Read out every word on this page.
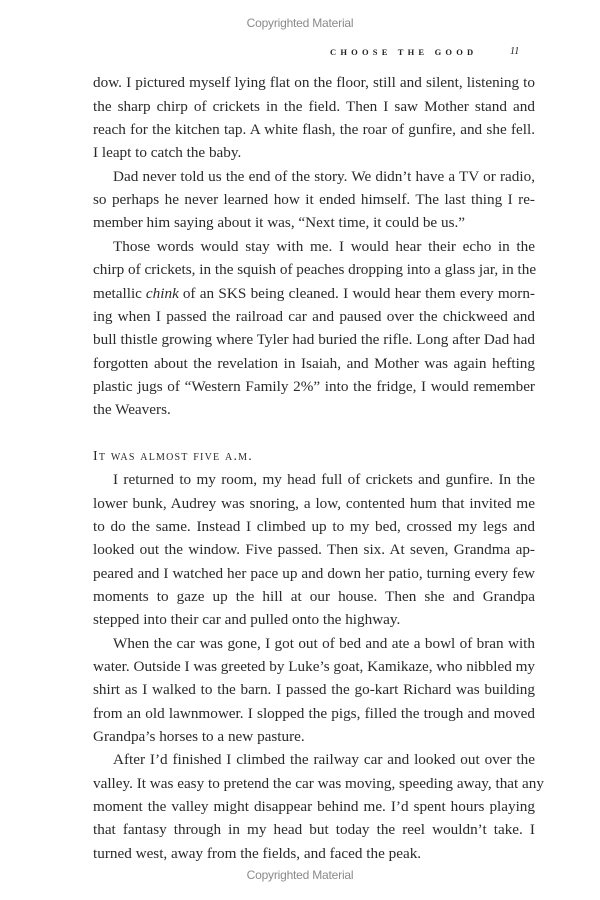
Copyrighted Material
CHOOSE THE GOOD	11
dow. I pictured myself lying flat on the floor, still and silent, listening to
the sharp chirp of crickets in the field. Then I saw Mother stand and
reach for the kitchen tap. A white flash, the roar of gunfire, and she fell.
I leapt to catch the baby.
Dad never told us the end of the story. We didn’t have a TV or radio,
so perhaps he never learned how it ended himself. The last thing I re-
member him saying about it was, “Next time, it could be us.”
Those words would stay with me. I would hear their echo in the
chirp of crickets, in the squish of peaches dropping into a glass jar, in the
metallic chink of an SKS being cleaned. I would hear them every morn-
ing when I passed the railroad car and paused over the chickweed and
bull thistle growing where Tyler had buried the rifle. Long after Dad had
forgotten about the revelation in Isaiah, and Mother was again hefting
plastic jugs of “Western Family 2%” into the fridge, I would remember
the Weavers.
It was almost five a.m.
I returned to my room, my head full of crickets and gunfire. In the
lower bunk, Audrey was snoring, a low, contented hum that invited me
to do the same. Instead I climbed up to my bed, crossed my legs and
looked out the window. Five passed. Then six. At seven, Grandma ap-
peared and I watched her pace up and down her patio, turning every few
moments to gaze up the hill at our house. Then she and Grandpa
stepped into their car and pulled onto the highway.
When the car was gone, I got out of bed and ate a bowl of bran with
water. Outside I was greeted by Luke’s goat, Kamikaze, who nibbled my
shirt as I walked to the barn. I passed the go-kart Richard was building
from an old lawnmower. I slopped the pigs, filled the trough and moved
Grandpa’s horses to a new pasture.
After I’d finished I climbed the railway car and looked out over the
valley. It was easy to pretend the car was moving, speeding away, that any
moment the valley might disappear behind me. I’d spent hours playing
that fantasy through in my head but today the reel wouldn’t take. I
turned west, away from the fields, and faced the peak.
Copyrighted Material
